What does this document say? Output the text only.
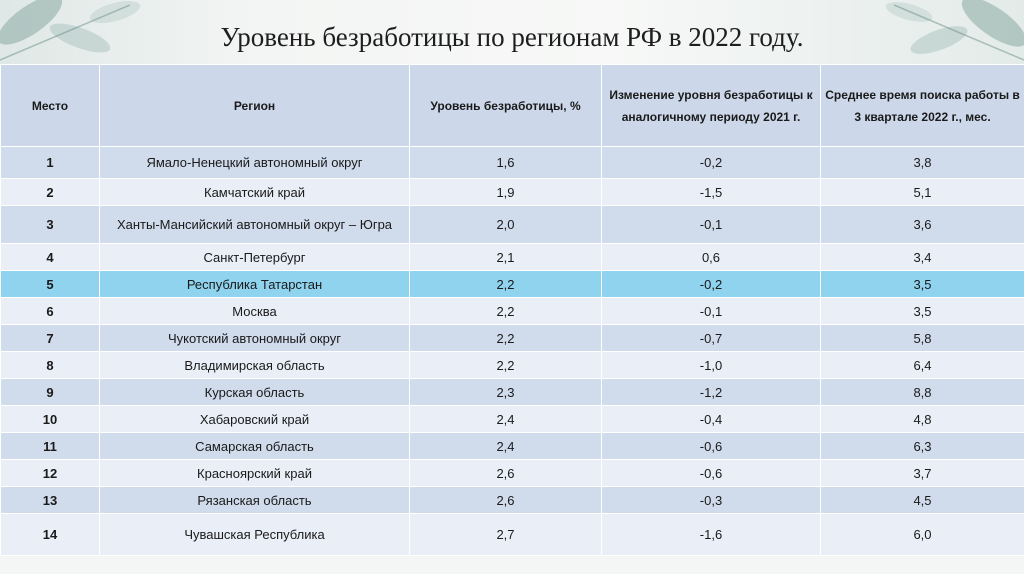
Уровень безработицы по регионам РФ в 2022 году.
Место	Регион	Уровень безработицы, %	Изменение уровня безработицы к аналогичному периоду 2021 г.	Среднее время поиска работы в 3 квартале 2022 г., мес.
1	Ямало-Ненецкий автономный округ	1,6	-0,2	3,8
2	Камчатский край	1,9	-1,5	5,1
3	Ханты-Мансийский автономный округ – Югра	2,0	-0,1	3,6
4	Санкт-Петербург	2,1	0,6	3,4
5	Республика Татарстан	2,2	-0,2	3,5
6	Москва	2,2	-0,1	3,5
7	Чукотский автономный округ	2,2	-0,7	5,8
8	Владимирская область	2,2	-1,0	6,4
9	Курская область	2,3	-1,2	8,8
10	Хабаровский край	2,4	-0,4	4,8
11	Самарская область	2,4	-0,6	6,3
12	Красноярский край	2,6	-0,6	3,7
13	Рязанская область	2,6	-0,3	4,5
14	Чувашская Республика	2,7	-1,6	6,0
